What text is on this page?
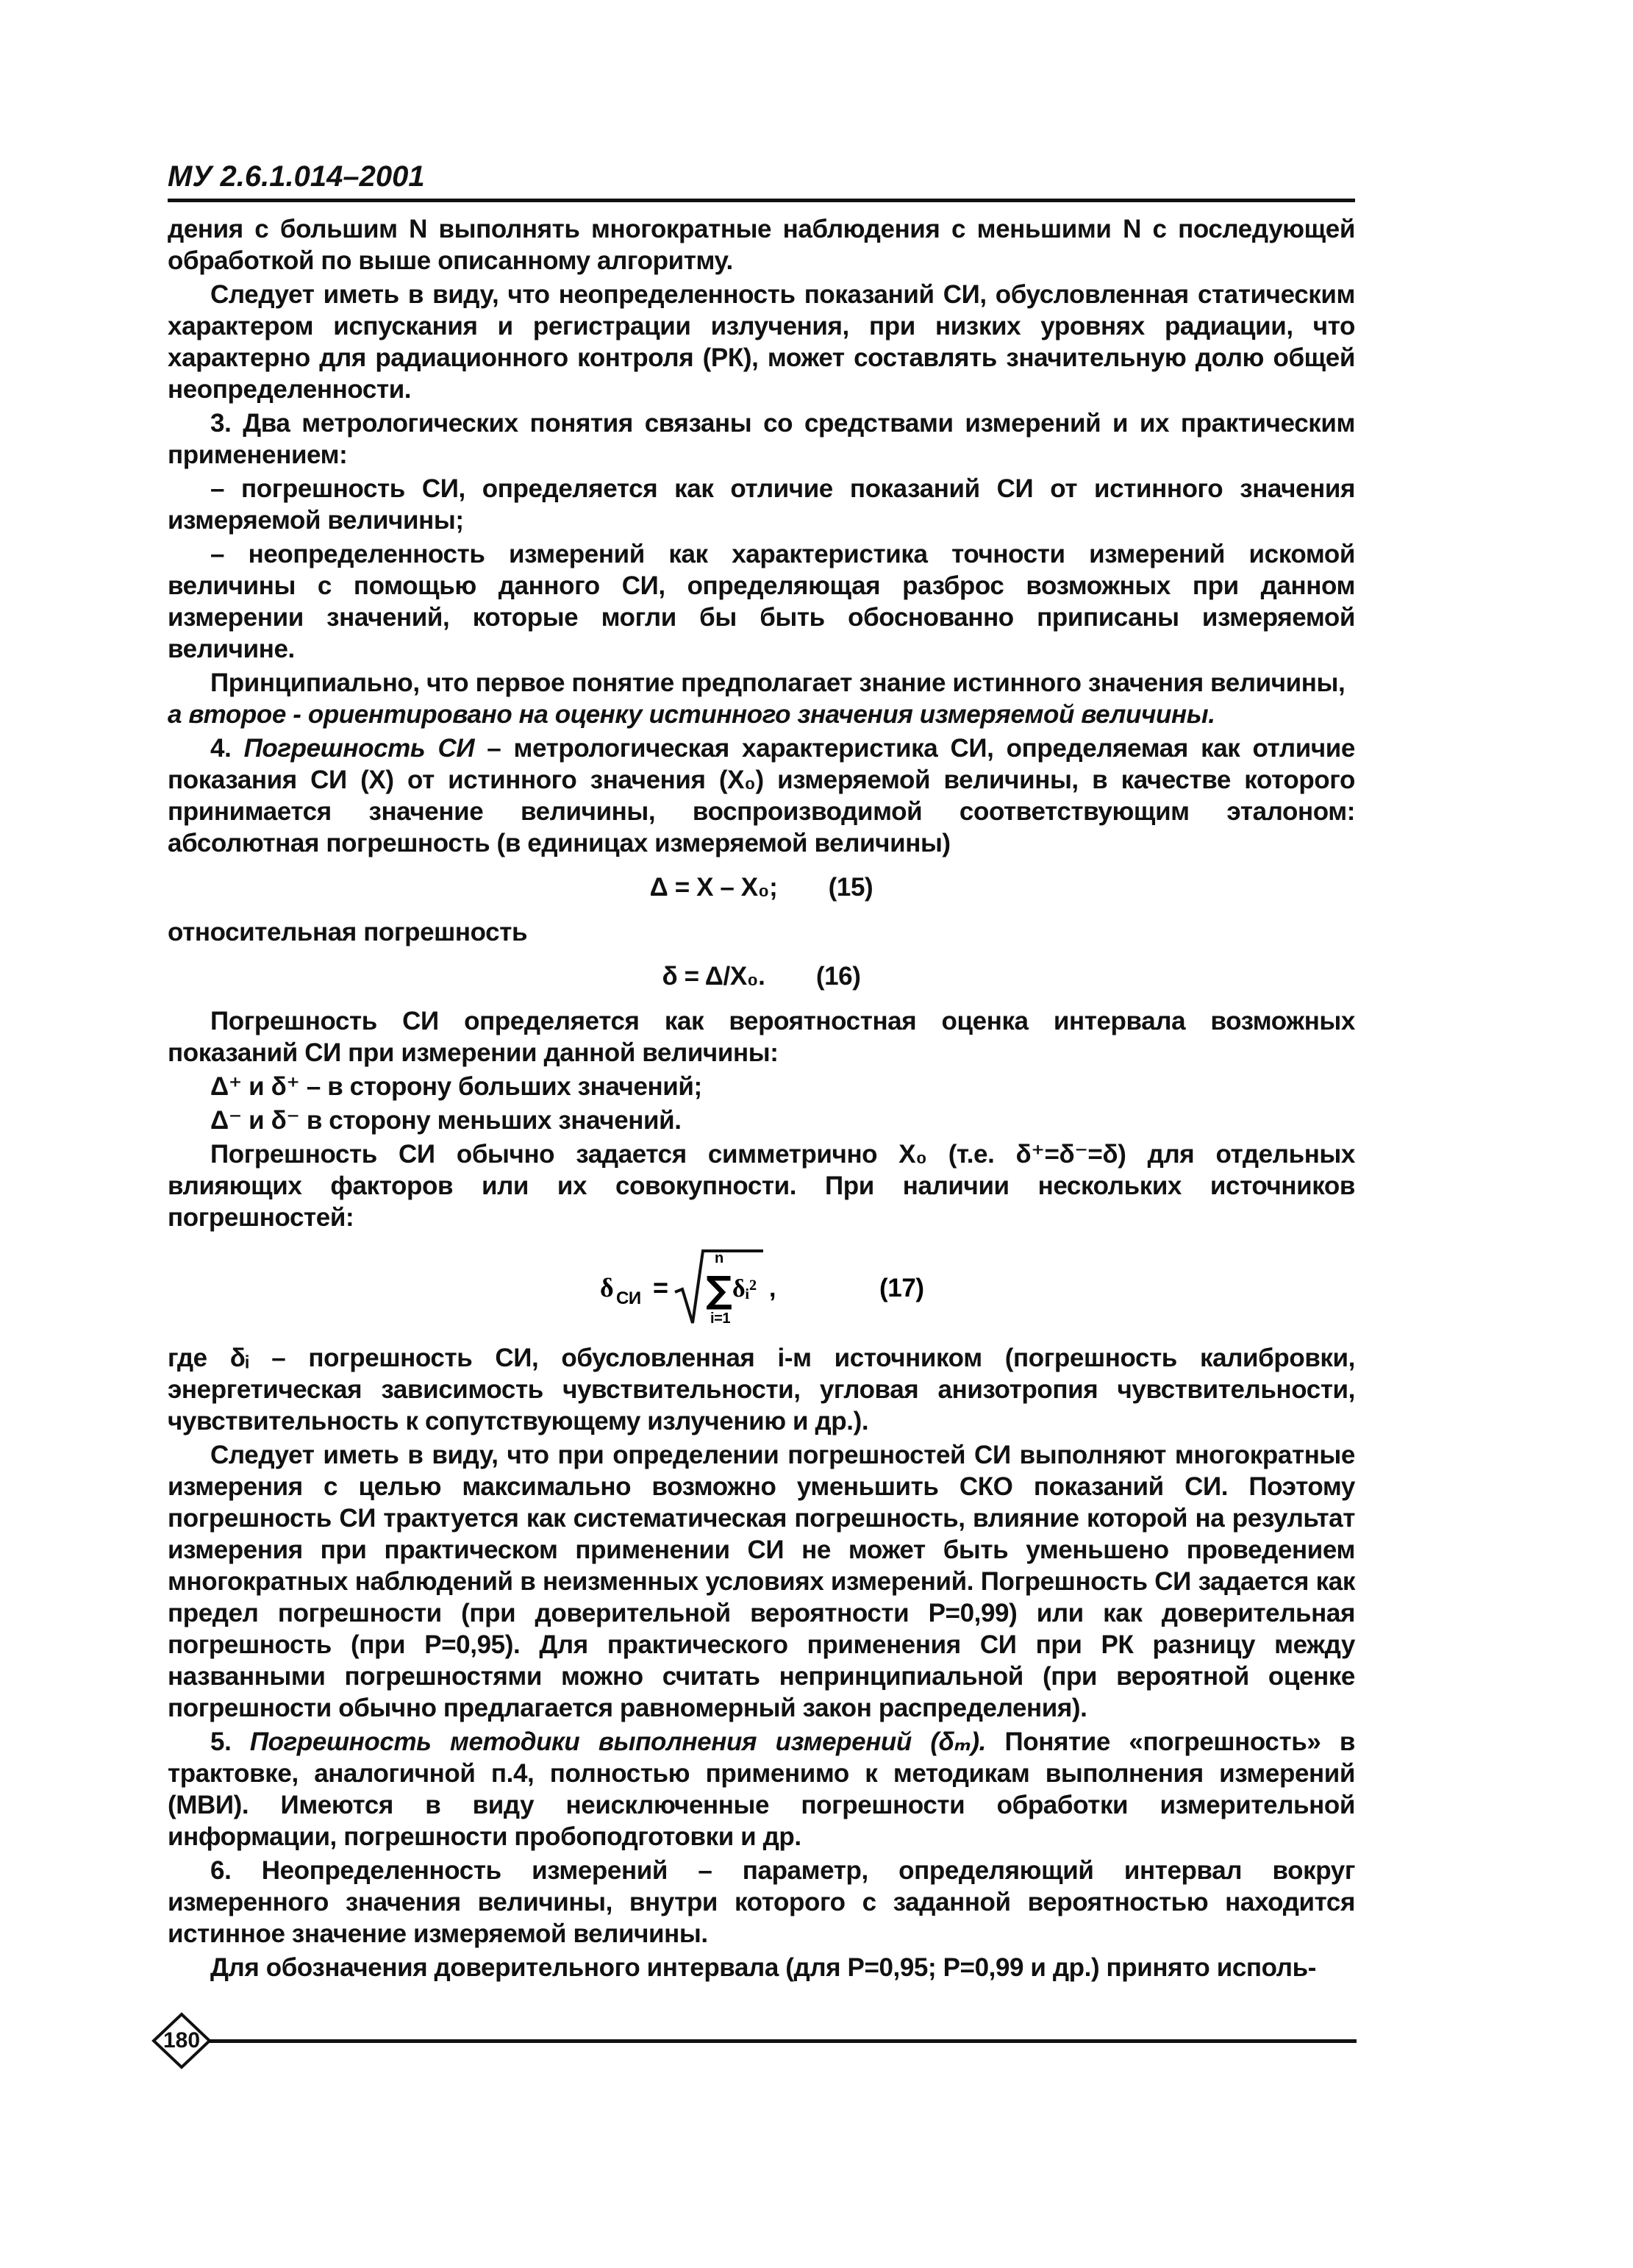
МУ 2.6.1.014–2001

дения с большим N выполнять многократные наблюдения с меньшими N с последующей обработкой по выше описанному алгоритму.

Следует иметь в виду, что неопределенность показаний СИ, обусловленная статическим характером испускания и регистрации излучения, при низких уровнях радиации, что характерно для радиационного контроля (РК), может составлять значительную долю общей неопределенности.

3. Два метрологических понятия связаны со средствами измерений и их практическим применением:

– погрешность СИ, определяется как отличие показаний СИ от истинного значения измеряемой величины;

– неопределенность измерений как характеристика точности измерений искомой величины с помощью данного СИ, определяющая разброс возможных при данном измерении значений, которые могли бы быть обоснованно приписаны измеряемой величине.

Принципиально, что первое понятие предполагает знание истинного значения величины,
а второе - ориентировано на оценку истинного значения измеряемой величины.

4. Погрешность СИ – метрологическая характеристика СИ, определяемая как отличие показания СИ (X) от истинного значения (X₀) измеряемой величины, в качестве которого принимается значение величины, воспроизводимой соответствующим эталоном: абсолютная погрешность (в единицах измеряемой величины)

Δ = X – X₀; (15)

относительная погрешность

δ = Δ/X₀. (16)

Погрешность СИ определяется как вероятностная оценка интервала возможных показаний СИ при измерении данной величины:

Δ⁺ и δ⁺ – в сторону больших значений;

Δ⁻ и δ⁻ в сторону меньших значений.

Погрешность СИ обычно задается симметрично X₀ (т.е. δ⁺=δ⁻=δ) для отдельных влияющих факторов или их совокупности. При наличии нескольких источников погрешностей:

δ СИ =
n
∑ δᵢ² ,
i=1
(17)

где δᵢ – погрешность СИ, обусловленная i-м источником (погрешность калибровки, энергетическая зависимость чувствительности, угловая анизотропия чувствительности, чувствительность к сопутствующему излучению и др.).

Следует иметь в виду, что при определении погрешностей СИ выполняют многократные измерения с целью максимально возможно уменьшить СКО показаний СИ. Поэтому погрешность СИ трактуется как систематическая погрешность, влияние которой на результат измерения при практическом применении СИ не может быть уменьшено проведением многократных наблюдений в неизменных условиях измерений. Погрешность СИ задается как предел погрешности (при доверительной вероятности P=0,99) или как доверительная погрешность (при P=0,95). Для практического применения СИ при РК разницу между названными погрешностями можно считать непринципиальной (при вероятной оценке погрешности обычно предлагается равномерный закон распределения).

5. Погрешность методики выполнения измерений (δₘ). Понятие «погрешность» в трактовке, аналогичной п.4, полностью применимо к методикам выполнения измерений (МВИ). Имеются в виду неисключенные погрешности обработки измерительной информации, погрешности пробоподготовки и др.

6. Неопределенность измерений – параметр, определяющий интервал вокруг измеренного значения величины, внутри которого с заданной вероятностью находится истинное значение измеряемой величины.

Для обозначения доверительного интервала (для P=0,95; P=0,99 и др.) принято исполь-

180
